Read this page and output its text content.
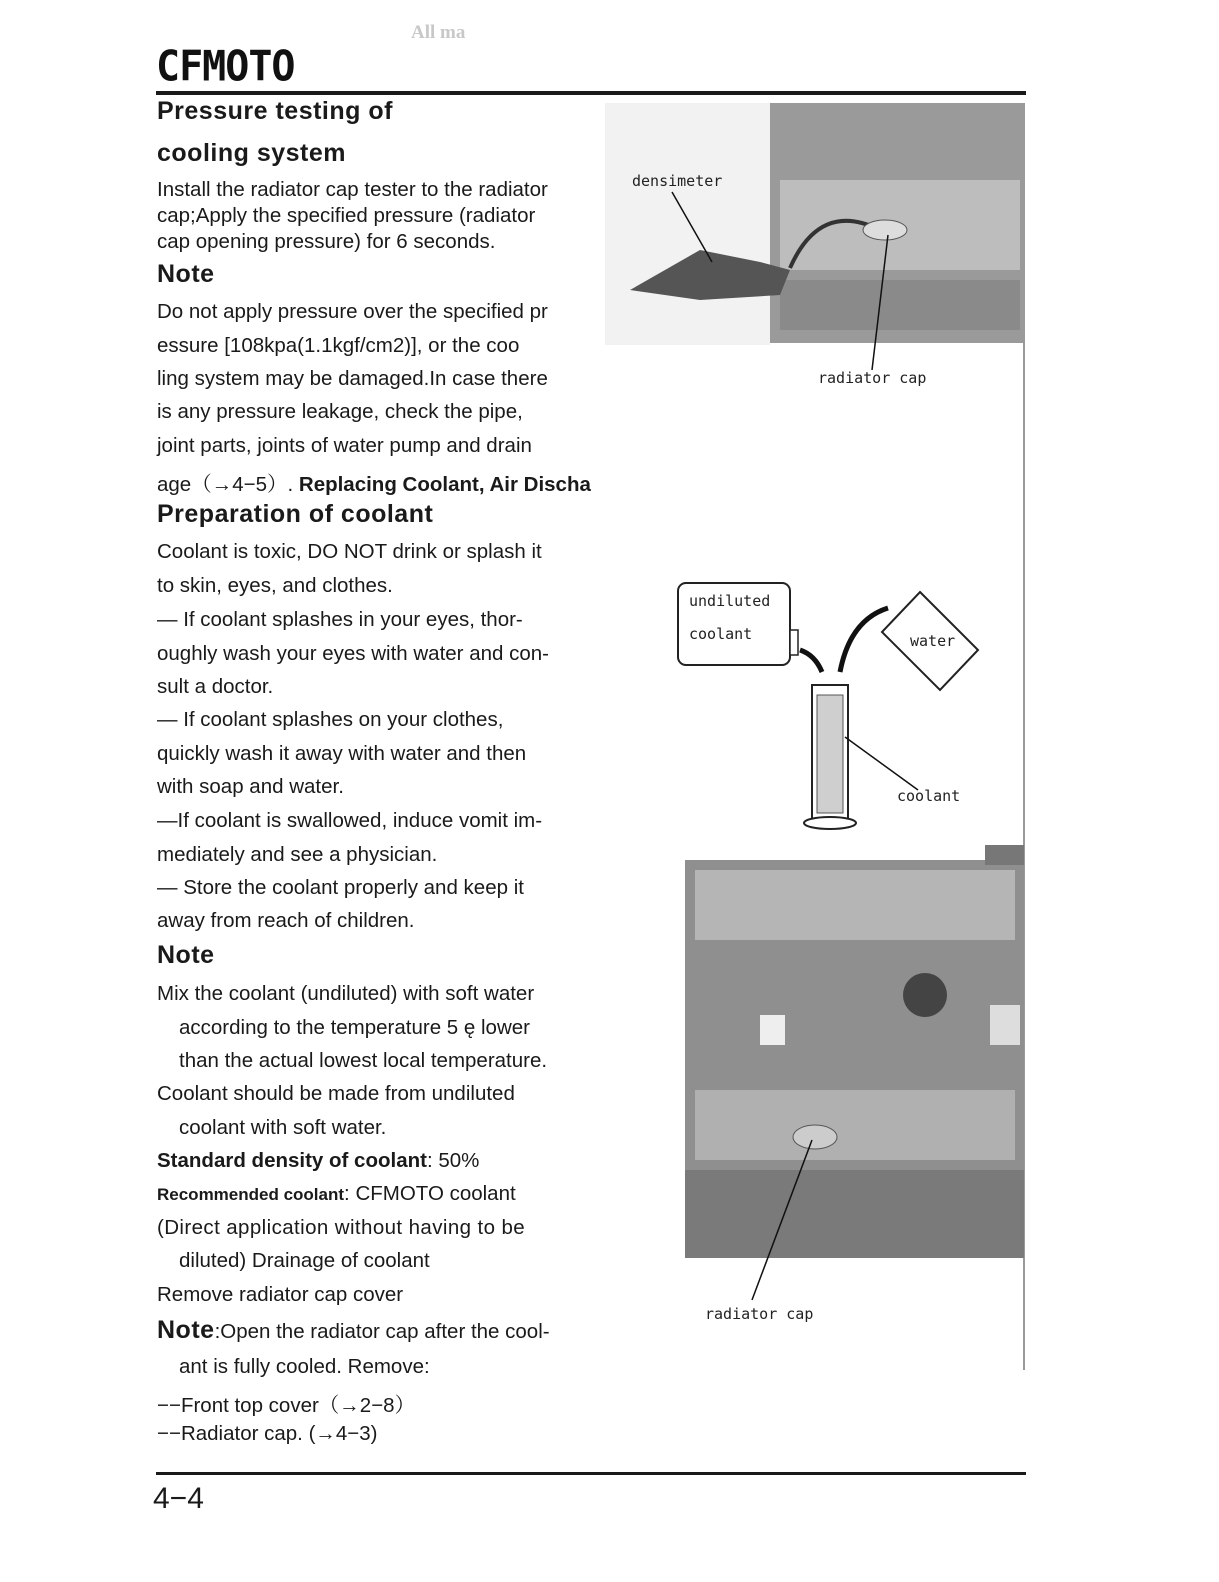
All ma
CFMOTO
Pressure testing of
cooling system
Install the radiator cap tester to the radiator
cap;Apply the specified pressure (radiator
cap opening pressure) for 6 seconds.
Note
Do not apply pressure over the specified pr
essure [108kpa(1.1kgf/cm2)], or the coo
ling system may be damaged.In case there
is any pressure leakage, check the pipe,
joint parts, joints of water pump and drain
age（→4−5）. Replacing Coolant, Air Discha
Preparation of coolant
Coolant is toxic, DO NOT drink or splash it
to skin, eyes, and clothes.
— If coolant splashes in your eyes, thor-
oughly wash your eyes with water and con-
sult a doctor.
— If coolant splashes on your clothes,
quickly wash it away with water and then
with soap and water.
—If coolant is swallowed, induce vomit im-
mediately and see a physician.
— Store the coolant properly and keep it
away from reach of children.
Note
Mix the coolant (undiluted) with soft water
according to the temperature 5 ę lower
than the actual lowest local temperature.
Coolant should be made from undiluted
coolant with soft water.
Standard density of coolant: 50%
Recommended coolant: CFMOTO coolant
(Direct application without having to be
diluted) Drainage of coolant
Remove radiator cap cover
Note:Open the radiator cap after the cool-
ant is fully cooled. Remove:
−−Front top cover（→2−8）
−−Radiator cap. (→4−3)
4−4
densimeter
radiator cap
undiluted
coolant	water
coolant
radiator cap
